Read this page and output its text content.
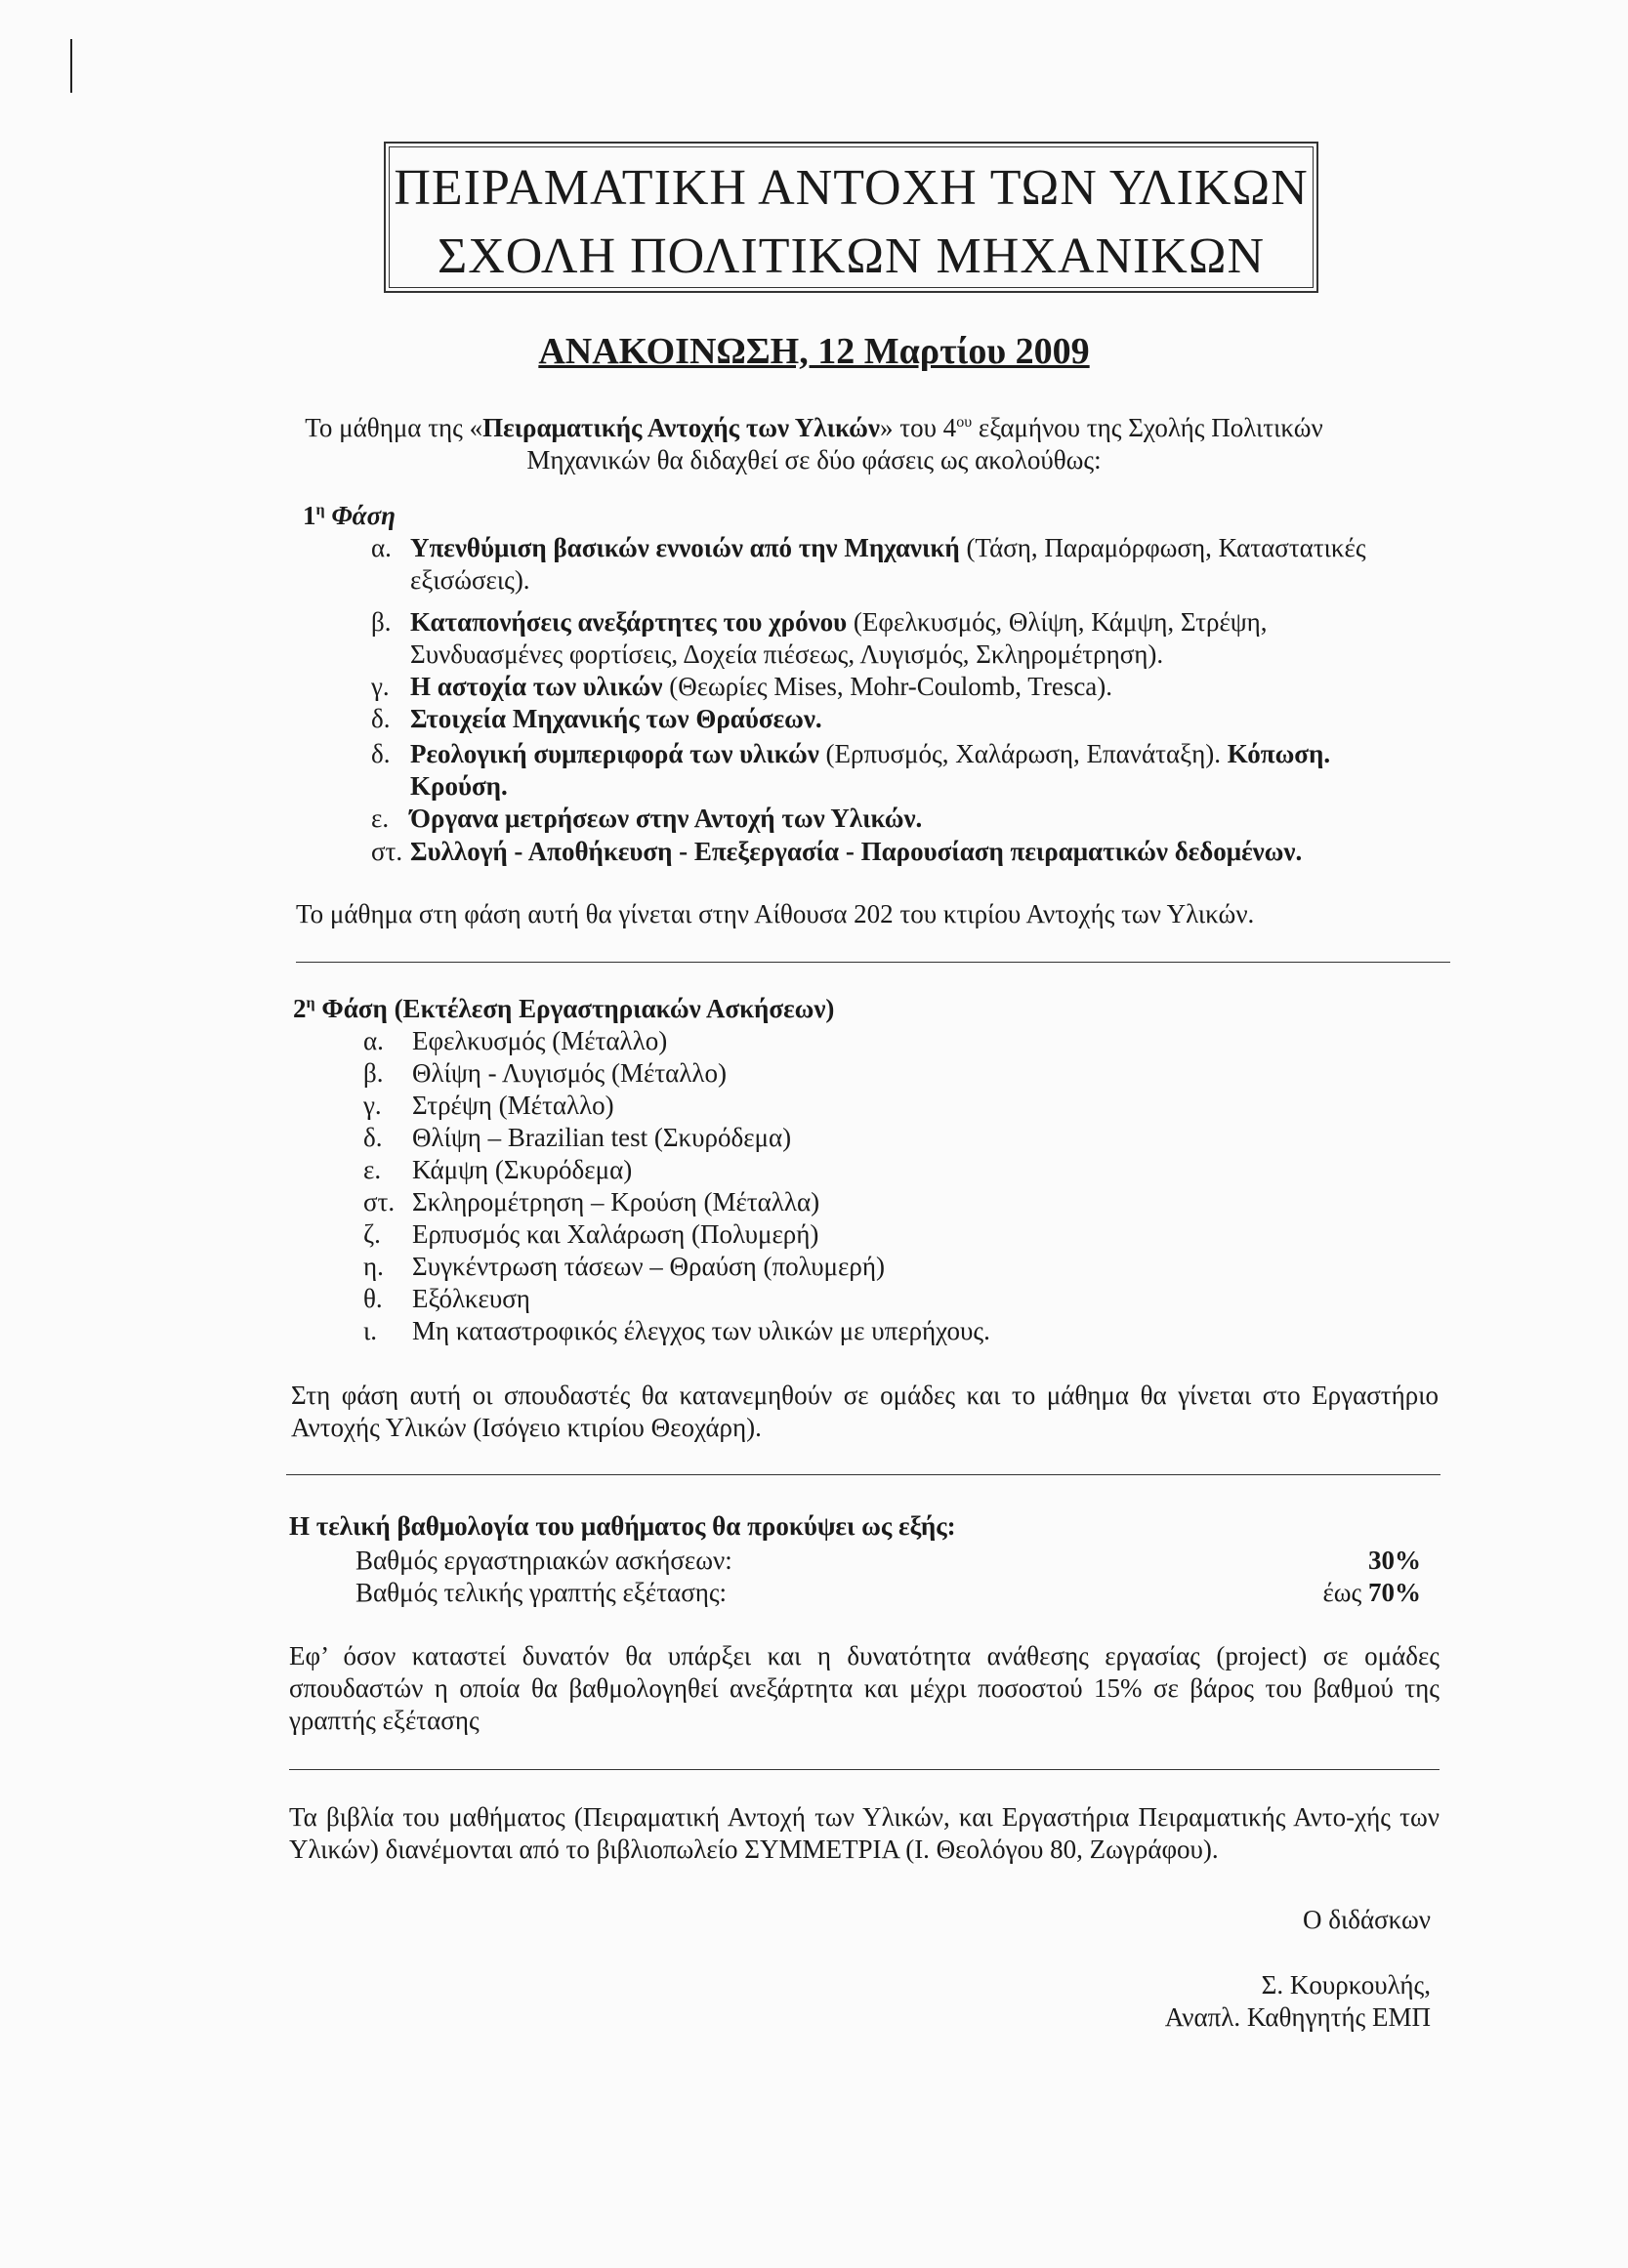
ΠΕΙΡΑΜΑΤΙΚΗ ΑΝΤΟΧΗ ΤΩΝ ΥΛΙΚΩΝ
ΣΧΟΛΗ ΠΟΛΙΤΙΚΩΝ ΜΗΧΑΝΙΚΩΝ
ΑΝΑΚΟΙΝΩΣΗ, 12 Μαρτίου 2009
Το μάθημα της «Πειραματικής Αντοχής των Υλικών» του $4^{o\upsilon}$ εξαμήνου της Σχολής Πολιτικών
Μηχανικών θα διδαχθεί σε δύο φάσεις ως ακολούθως:
$1^\eta$ Φάση
α. Υπενθύμιση βασικών εννοιών από την Μηχανική (Τάση, Παραμόρφωση, Καταστατικές
εξισώσεις).
β. Καταπονήσεις ανεξάρτητες του χρόνου (Εφελκυσμός, Θλίψη, Κάμψη, Στρέψη,
Συνδυασμένες φορτίσεις, Δοχεία πιέσεως, Λυγισμός, Σκληρομέτρηση).
γ. Η αστοχία των υλικών (Θεωρίες Mises, Mohr-Coulomb, Tresca).
δ. Στοιχεία Μηχανικής των Θραύσεων.
δ. Ρεολογική συμπεριφορά των υλικών (Ερπυσμός, Χαλάρωση, Επανάταξη). Κόπωση.
Κρούση.
ε. Όργανα μετρήσεων στην Αντοχή των Υλικών.
στ. Συλλογή - Αποθήκευση - Επεξεργασία - Παρουσίαση πειραματικών δεδομένων.
Το μάθημα στη φάση αυτή θα γίνεται στην Αίθουσα 202 του κτιρίου Αντοχής των Υλικών.
$2^\eta$ Φάση (Εκτέλεση Εργαστηριακών Ασκήσεων)
α. Εφελκυσμός (Μέταλλο)
β. Θλίψη - Λυγισμός (Μέταλλο)
γ. Στρέψη (Μέταλλο)
δ. Θλίψη – Brazilian test (Σκυρόδεμα)
ε. Κάμψη (Σκυρόδεμα)
στ. Σκληρομέτρηση – Κρούση (Μέταλλα)
ζ. Ερπυσμός και Χαλάρωση (Πολυμερή)
η. Συγκέντρωση τάσεων – Θραύση (πολυμερή)
θ. Εξόλκευση
ι. Μη καταστροφικός έλεγχος των υλικών με υπερήχους.
Στη φάση αυτή οι σπουδαστές θα κατανεμηθούν σε ομάδες και το μάθημα θα γίνεται στο Εργαστήριο Αντοχής Υλικών (Ισόγειο κτιρίου Θεοχάρη).
Η τελική βαθμολογία του μαθήματος θα προκύψει ως εξής:
Βαθμός εργαστηριακών ασκήσεων:	30%
Βαθμός τελικής γραπτής εξέτασης:	έως 70%
Εφ’ όσον καταστεί δυνατόν θα υπάρξει και η δυνατότητα ανάθεσης εργασίας (project) σε ομάδες σπουδαστών η οποία θα βαθμολογηθεί ανεξάρτητα και μέχρι ποσοστού 15% σε βάρος του βαθμού της γραπτής εξέτασης
Τα βιβλία του μαθήματος (Πειραματική Αντοχή των Υλικών, και Εργαστήρια Πειραματικής Αντο-χής των Υλικών) διανέμονται από το βιβλιοπωλείο ΣΥΜΜΕΤΡΙΑ (Ι. Θεολόγου 80, Ζωγράφου).
Ο διδάσκων
Σ. Κουρκουλής,
Αναπλ. Καθηγητής ΕΜΠ
